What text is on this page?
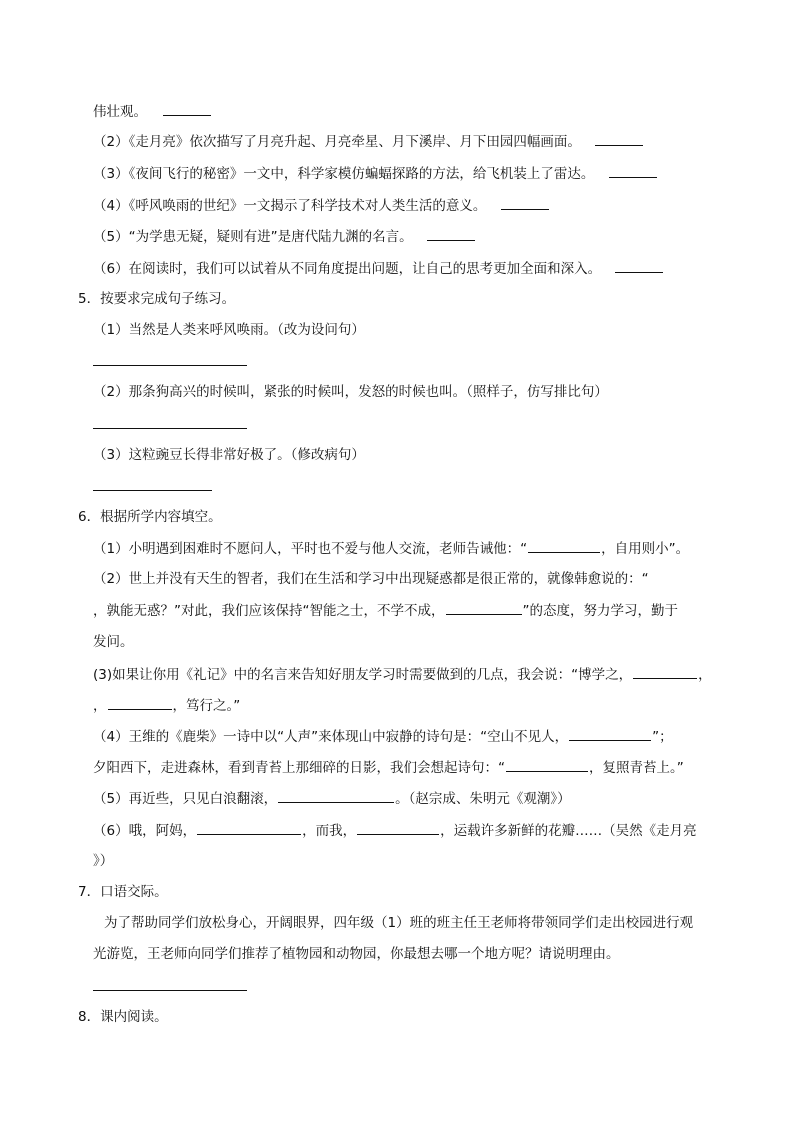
伟壮观。
（2）《走月亮》依次描写了月亮升起、月亮牵星、月下溪岸、月下田园四幅画面。
（3）《夜间飞行的秘密》一文中，科学家模仿蝙蝠探路的方法，给飞机装上了雷达。
（4）《呼风唤雨的世纪》一文揭示了科学技术对人类生活的意义。
（5）“为学患无疑，疑则有进”是唐代陆九渊的名言。
（6）在阅读时，我们可以试着从不同角度提出问题，让自己的思考更加全面和深入。
5．按要求完成句子练习。
（1）当然是人类来呼风唤雨。（改为设问句）
（2）那条狗高兴的时候叫，紧张的时候叫，发怒的时候也叫。（照样子，仿写排比句）
（3）这粒豌豆长得非常好极了。（修改病句）
6．根据所学内容填空。
（1）小明遇到困难时不愿问人，平时也不爱与他人交流，老师告诫他：“	，自用则小”。
（2）世上并没有天生的智者，我们在生活和学习中出现疑惑都是很正常的，就像韩愈说的：“
，孰能无惑？”对此，我们应该保持“智能之士，不学不成，	”的态度，努力学习，勤于
发问。
(3)如果让你用《礼记》中的名言来告知好朋友学习时需要做到的几点，我会说：“博学之，	，
，	，笃行之。”
（4）王维的《鹿柴》一诗中以“人声”来体现山中寂静的诗句是：“空山不见人，	”；
夕阳西下，走进森林，看到青苔上那细碎的日影，我们会想起诗句：“	，复照青苔上。”
（5）再近些，只见白浪翻滚，	。（赵宗成、朱明元《观潮》）
（6）哦，阿妈，	，而我，	，运载许多新鲜的花瓣……（吴然《走月亮
》）
7．口语交际。
为了帮助同学们放松身心，开阔眼界，四年级（1）班的班主任王老师将带领同学们走出校园进行观
光游览，王老师向同学们推荐了植物园和动物园，你最想去哪一个地方呢？请说明理由。
8．课内阅读。
